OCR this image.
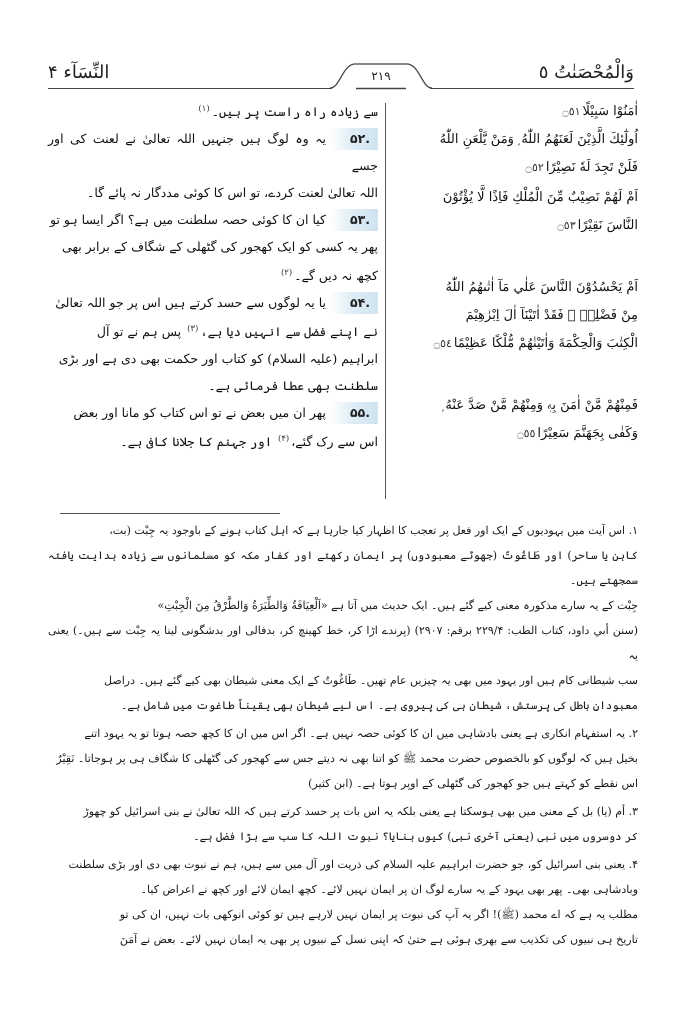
وَالْمُحْصَنٰتُ ٥
النِّسَآء ۴	۲۱۹
اٰمَنُوْا سَبِيْلًا۝٥١
اُولٰٓئِكَ الَّذِيْنَ لَعَنَهُمُ اللّٰهُ ۭ وَمَنْ يَّلْعَنِ اللّٰهُ
فَلَنْ تَجِدَ لَهٗ نَصِيْرًا۝٥٢
اَمْ لَهُمْ نَصِيْبٌ مِّنَ الْمُلْكِ فَاِذًا لَّا يُؤْتُوْنَ
النَّاسَ نَقِيْرًا۝٥٣
اَمْ يَحْسُدُوْنَ النَّاسَ عَلٰي مَآ اٰتٰىھُمُ اللّٰهُ
مِنْ فَضْلِهٖ ۚ فَقَدْ اٰتَيْنَآ اٰلَ اِبْرٰهِيْمَ
الْكِتٰبَ وَالْحِكْمَةَ وَاٰتَيْنٰھُمْ مُّلْكًا عَظِيْمًا۝٥٤
فَمِنْهُمْ مَّنْ اٰمَنَ بِهٖ وَمِنْهُمْ مَّنْ صَدَّ عَنْهُ ۭ
وَكَفٰى بِجَهَنَّمَ سَعِيْرًا۝٥٥
سے زیادہ راہ راست پر ہیں۔$^{(۱)}$
.۵۲یہ وہ لوگ ہیں جنہیں اللہ تعالیٰ نے لعنت کی اور جسے
اللہ تعالیٰ لعنت کردے، تو اس کا کوئی مددگار نہ پائے گا۔
.۵۳کیا ان کا کوئی حصہ سلطنت میں ہے؟ اگر ایسا ہو تو
پھر یہ کسی کو ایک کھجور کی گٹھلی کے شگاف کے برابر بھی
کچھ نہ دیں گے۔$^{(۲)}$
.۵۴یا یہ لوگوں سے حسد کرتے ہیں اس پر جو اللہ تعالیٰ
نے اپنے فضل سے انہیں دیا ہے،$^{(۳)}$ پس ہم نے تو آل
ابراہیم (علیہ السلام) کو کتاب اور حکمت بھی دی ہے اور بڑی
سلطنت بھی عطا فرمائی ہے۔
.۵۵پھر ان میں بعض نے تو اس کتاب کو مانا اور بعض
اس سے رک گئے،$^{(۴)}$ اور جہنم کا جلانا کافی ہے۔
۱. اس آیت میں یہودیوں کے ایک اور فعل پر تعجب کا اظہار کیا جارہا ہے کہ اہل کتاب ہونے کے باوجود یہ جِبْت (بت،
کاہن یا ساحر) اور طَاغُوتٌ (جھوٹے معبودوں) پر ایمان رکھتے اور کفار مکہ کو مسلمانوں سے زیادہ ہدایت یافتہ سمجھتے ہیں۔
جِبْت کے یہ سارے مذکورہ معنی کیے گئے ہیں۔ ایک حدیث میں آتا ہے «اَلْعِيَافَةُ وَالطِّيَرَةُ وَالطَّرْقُ مِنَ الْجِبْتِ»
(سنن أبي داود، كتاب الطب: ۲۲۹/۴ برقم: ۲۹۰۷) (پرندے اڑا کر، خط کھینچ کر، بدفالی اور بدشگونی لینا یہ جِبْت سے ہیں۔) یعنی یہ
سب شیطانی کام ہیں اور یہود میں بھی یہ چیزیں عام تھیں۔ طَاغُوتٌ کے ایک معنی شیطان بھی کیے گئے ہیں۔ دراصل
معبودانِ باطل کی پرستش، شیطان ہی کی پیروی ہے۔ اس لیے شیطان بھی یقیناً طاغوت میں شامل ہے۔
۲. یہ استفہام انکاری ہے یعنی بادشاہی میں ان کا کوئی حصہ نہیں ہے۔ اگر اس میں ان کا کچھ حصہ ہوتا تو یہ یہود اتنے
بخیل ہیں کہ لوگوں کو بالخصوص حضرت محمد ﷺ کو اتنا بھی نہ دیتے جس سے کھجور کی گٹھلی کا شگاف ہی پر ہوجاتا۔ نَقِيْرٌ
اس نقطے کو کہتے ہیں جو کھجور کی گٹھلی کے اوپر ہوتا ہے۔ (ابن کثیر)
۳. أم (یا) بل کے معنی میں بھی ہوسکتا ہے یعنی بلکہ یہ اس بات پر حسد کرتے ہیں کہ اللہ تعالیٰ نے بنی اسرائیل کو چھوڑ
کر دوسروں میں نبی (یعنی آخری نبی) کیوں بنایا؟ نبوت اللہ کا سب سے بڑا فضل ہے۔
۴. یعنی بنی اسرائیل کو، جو حضرت ابراہیم علیہ السلام کی ذریت اور آل میں سے ہیں، ہم نے نبوت بھی دی اور بڑی سلطنت
وبادشاہی بھی۔ پھر بھی یہود کے یہ سارے لوگ ان پر ایمان نہیں لائے۔ کچھ ایمان لائے اور کچھ نے اعراض کیا۔
مطلب یہ ہے کہ اے محمد (ﷺ)! اگر یہ آپ کی نبوت پر ایمان نہیں لارہے ہیں تو کوئی انوکھی بات نہیں، ان کی تو
تاریخ ہی نبیوں کی تکذیب سے بھری ہوئی ہے حتیٰ کہ اپنی نسل کے نبیوں پر بھی یہ ایمان نہیں لائے۔ بعض نے آمَنَ
